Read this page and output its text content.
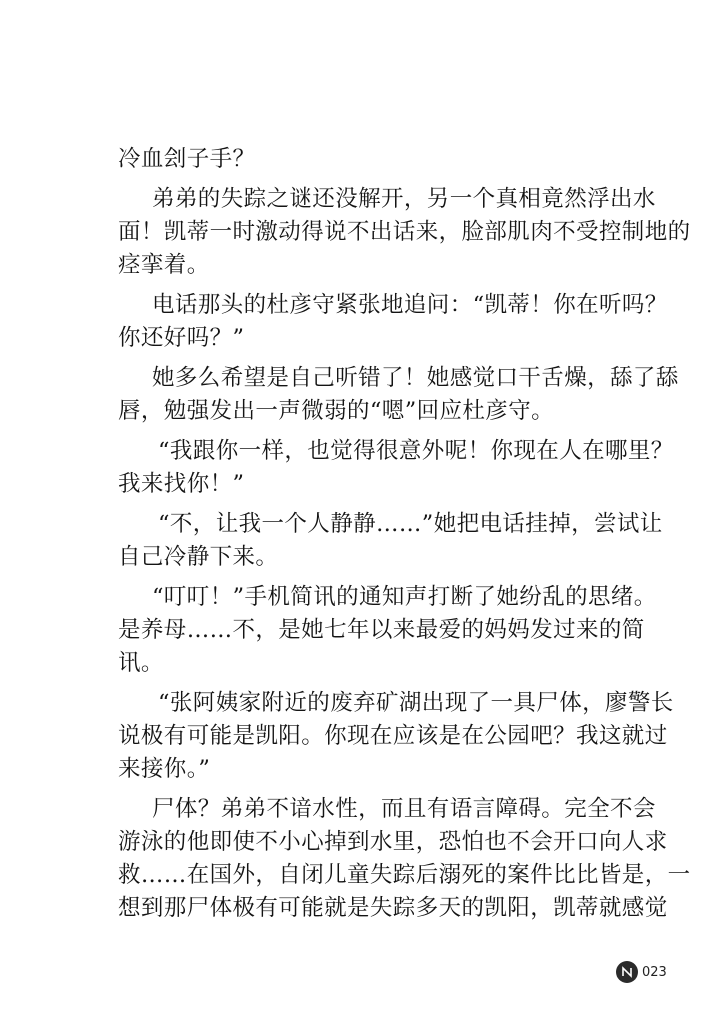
冷血刽子手？
弟弟的失踪之谜还没解开，另一个真相竟然浮出水
面！凯蒂一时激动得说不出话来，脸部肌肉不受控制地的
痉挛着。
电话那头的杜彦守紧张地追问：“凯蒂！你在听吗？
你还好吗？”
她多么希望是自己听错了！她感觉口干舌燥，舔了舔
唇，勉强发出一声微弱的“嗯”回应杜彦守。
“我跟你一样，也觉得很意外呢！你现在人在哪里？
我来找你！”
“不，让我一个人静静……”她把电话挂掉，尝试让
自己冷静下来。
“叮叮！”手机简讯的通知声打断了她纷乱的思绪。
是养母……不，是她七年以来最爱的妈妈发过来的简
讯。
“张阿姨家附近的废弃矿湖出现了一具尸体，廖警长
说极有可能是凯阳。你现在应该是在公园吧？我这就过
来接你。”
尸体？弟弟不谙水性，而且有语言障碍。完全不会
游泳的他即使不小心掉到水里，恐怕也不会开口向人求
救……在国外，自闭儿童失踪后溺死的案件比比皆是，一
想到那尸体极有可能就是失踪多天的凯阳，凯蒂就感觉
023
